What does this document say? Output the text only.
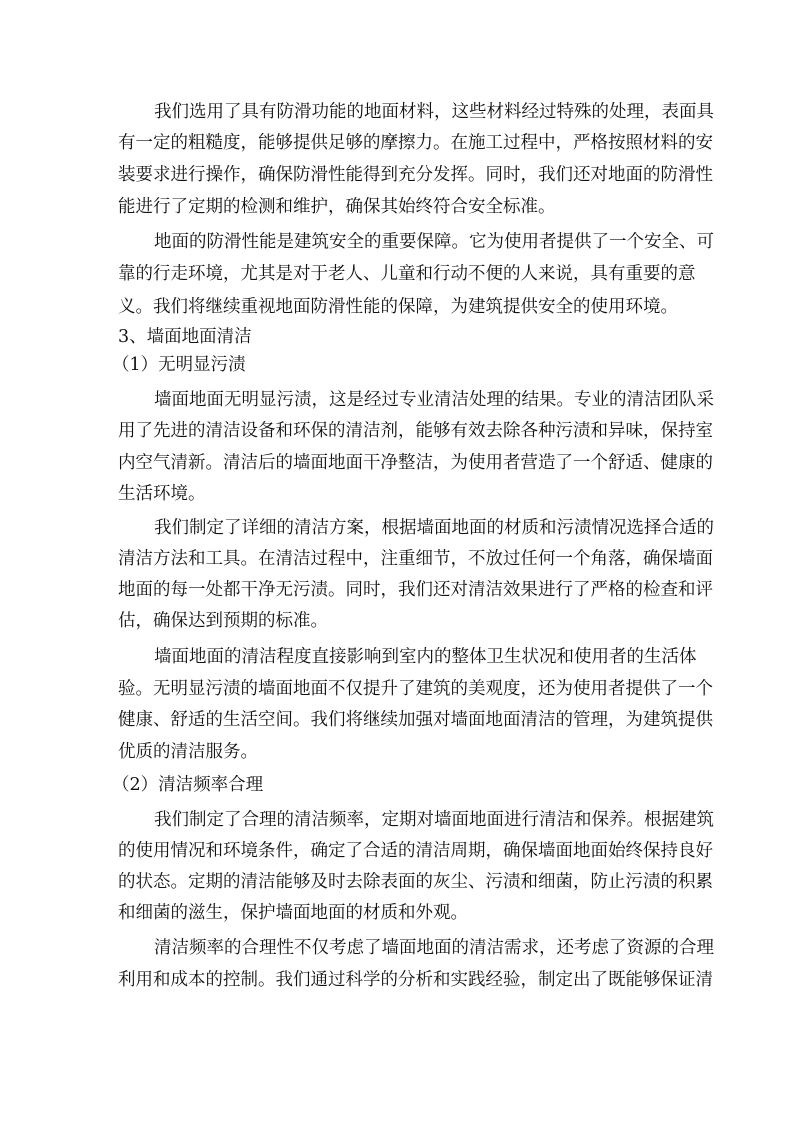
我们选用了具有防滑功能的地面材料，这些材料经过特殊的处理，表面具
有一定的粗糙度，能够提供足够的摩擦力。在施工过程中，严格按照材料的安
装要求进行操作，确保防滑性能得到充分发挥。同时，我们还对地面的防滑性
能进行了定期的检测和维护，确保其始终符合安全标准。
地面的防滑性能是建筑安全的重要保障。它为使用者提供了一个安全、可
靠的行走环境，尤其是对于老人、儿童和行动不便的人来说，具有重要的意
义。我们将继续重视地面防滑性能的保障，为建筑提供安全的使用环境。
3、墙面地面清洁
（1）无明显污渍
墙面地面无明显污渍，这是经过专业清洁处理的结果。专业的清洁团队采
用了先进的清洁设备和环保的清洁剂，能够有效去除各种污渍和异味，保持室
内空气清新。清洁后的墙面地面干净整洁，为使用者营造了一个舒适、健康的
生活环境。
我们制定了详细的清洁方案，根据墙面地面的材质和污渍情况选择合适的
清洁方法和工具。在清洁过程中，注重细节，不放过任何一个角落，确保墙面
地面的每一处都干净无污渍。同时，我们还对清洁效果进行了严格的检查和评
估，确保达到预期的标准。
墙面地面的清洁程度直接影响到室内的整体卫生状况和使用者的生活体
验。无明显污渍的墙面地面不仅提升了建筑的美观度，还为使用者提供了一个
健康、舒适的生活空间。我们将继续加强对墙面地面清洁的管理，为建筑提供
优质的清洁服务。
（2）清洁频率合理
我们制定了合理的清洁频率，定期对墙面地面进行清洁和保养。根据建筑
的使用情况和环境条件，确定了合适的清洁周期，确保墙面地面始终保持良好
的状态。定期的清洁能够及时去除表面的灰尘、污渍和细菌，防止污渍的积累
和细菌的滋生，保护墙面地面的材质和外观。
清洁频率的合理性不仅考虑了墙面地面的清洁需求，还考虑了资源的合理
利用和成本的控制。我们通过科学的分析和实践经验，制定出了既能够保证清
